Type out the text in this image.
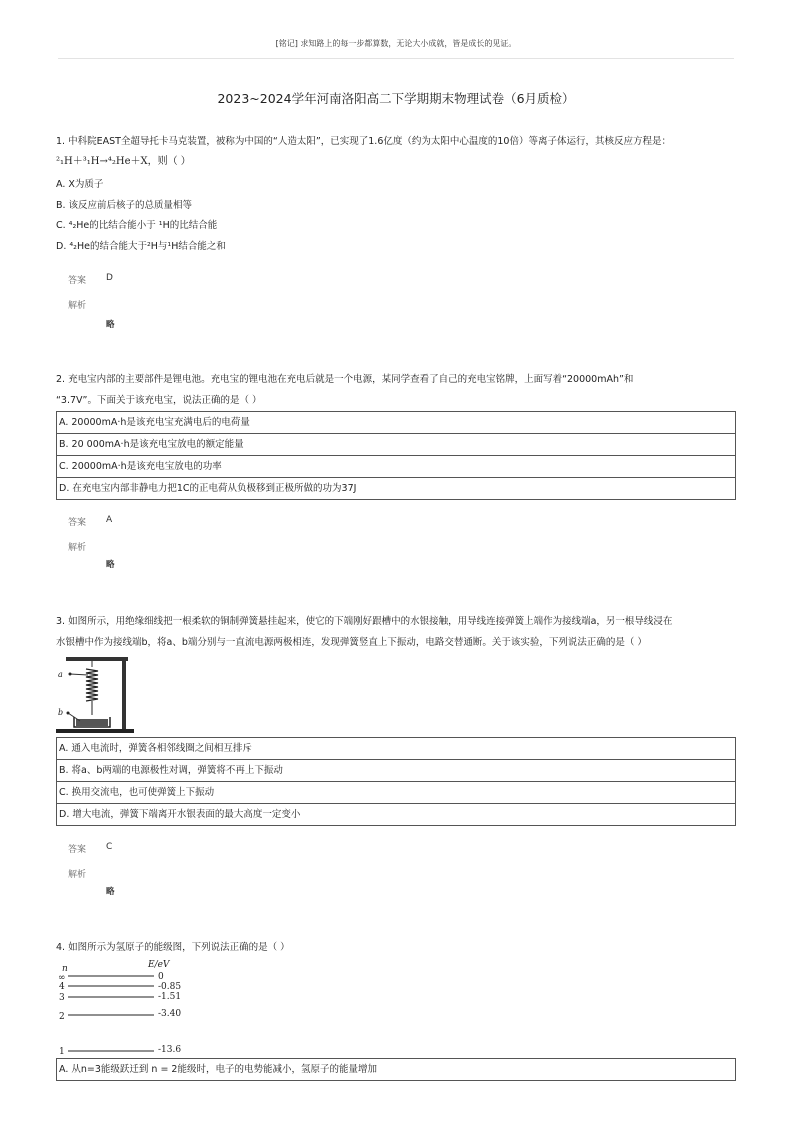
[铭记] 求知路上的每一步都算数，无论大小成就，皆是成长的见证。
2023~2024学年河南洛阳高二下学期期末物理试卷（6月质检）
1. 中科院EAST全超导托卡马克装置，被称为中国的“人造太阳”，已实现了1.6亿度（约为太阳中心温度的10倍）等离子体运行，其核反应方程是：
²₁H＋³₁H→⁴₂He＋X，则（ ）
A. X为质子
B. 该反应前后核子的总质量相等
C. ⁴₂He的比结合能小于 ¹H的比结合能
D. ⁴₂He的结合能大于²H与¹H结合能之和
答案 D
解析
略
2. 充电宝内部的主要部件是锂电池。充电宝的锂电池在充电后就是一个电源，某同学查看了自己的充电宝铭牌，上面写着“20000mAh”和
“3.7V”。下面关于该充电宝，说法正确的是（ ）
A. 20000mA·h是该充电宝充满电后的电荷量
B. 20 000mA·h是该充电宝放电的额定能量
C. 20000mA·h是该充电宝放电的功率
D. 在充电宝内部非静电力把1C的正电荷从负极移到正极所做的功为37J
答案 A
解析
略
3. 如图所示，用绝缘细线把一根柔软的铜制弹簧悬挂起来，使它的下端刚好跟槽中的水银接触，用导线连接弹簧上端作为接线端a，另一根导线浸在
水银槽中作为接线端b，将a、b端分别与一直流电源两极相连，发现弹簧竖直上下振动，电路交替通断。关于该实验，下列说法正确的是（ ）
a
b
A. 通入电流时，弹簧各相邻线圈之间相互排斥
B. 将a、b两端的电源极性对调，弹簧将不再上下振动
C. 换用交流电，也可使弹簧上下振动
D. 增大电流，弹簧下端离开水银表面的最大高度一定变小
答案 C
解析
略
4. 如图所示为氢原子的能级图，下列说法正确的是（ ）
n	E/eV
∞	0
4	-0.85
3	-1.51
2	-3.40
1	-13.6
A. 从n=3能级跃迁到 n = 2能级时，电子的电势能减小，氢原子的能量增加
